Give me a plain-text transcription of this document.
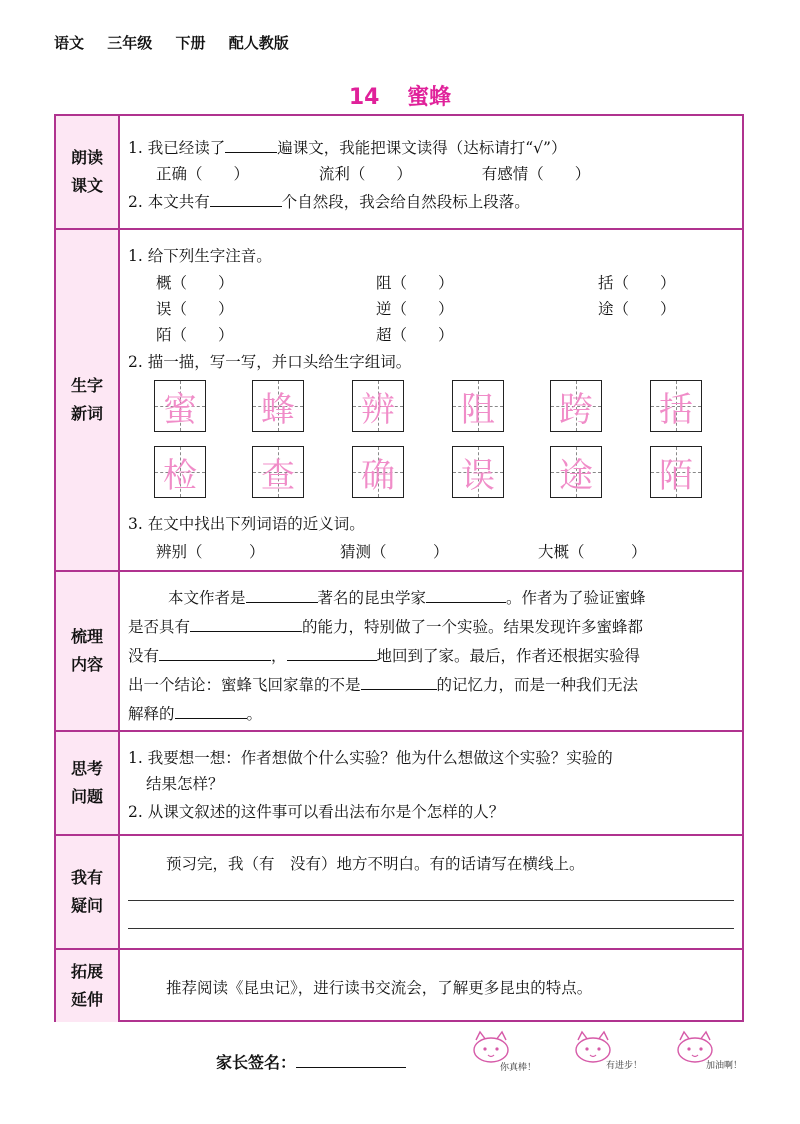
语文 三年级 下册 配人教版
14 蜜蜂
朗读
课文
1. 我已经读了	遍课文，我能把课文读得（达标请打“√”）
正确（　　）	流利（　　）	有感情（　　）
2. 本文共有	个自然段，我会给自然段标上段落。
生字
新词
1. 给下列生字注音。
概（　　）	阻（　　）	括（　　）
误（　　）	逆（　　）	途（　　）
陌（　　）	超（　　）
2. 描一描，写一写，并口头给生字组词。
蜜 蜂 辨 阻 跨 括
检 查 确 误 途 陌
3. 在文中找出下列词语的近义词。
辨别（　　　）	猜测（　　　）	大概（　　　）
梳理
内容
本文作者是	著名的昆虫学家	。作者为了验证蜜蜂
是否具有	的能力，特别做了一个实验。结果发现许多蜜蜂都
没有	，	地回到了家。最后，作者还根据实验得
出一个结论：蜜蜂飞回家靠的不是	的记忆力，而是一种我们无法
解释的	。
思考
问题
1. 我要想一想：作者想做个什么实验？他为什么想做这个实验？实验的
结果怎样？
2. 从课文叙述的这件事可以看出法布尔是个怎样的人？
我有
疑问
预习完，我（有　没有）地方不明白。有的话请写在横线上。
拓展
延伸
推荐阅读《昆虫记》，进行读书交流会，了解更多昆虫的特点。
家长签名：	你真棒！	有进步！	加油啊！
